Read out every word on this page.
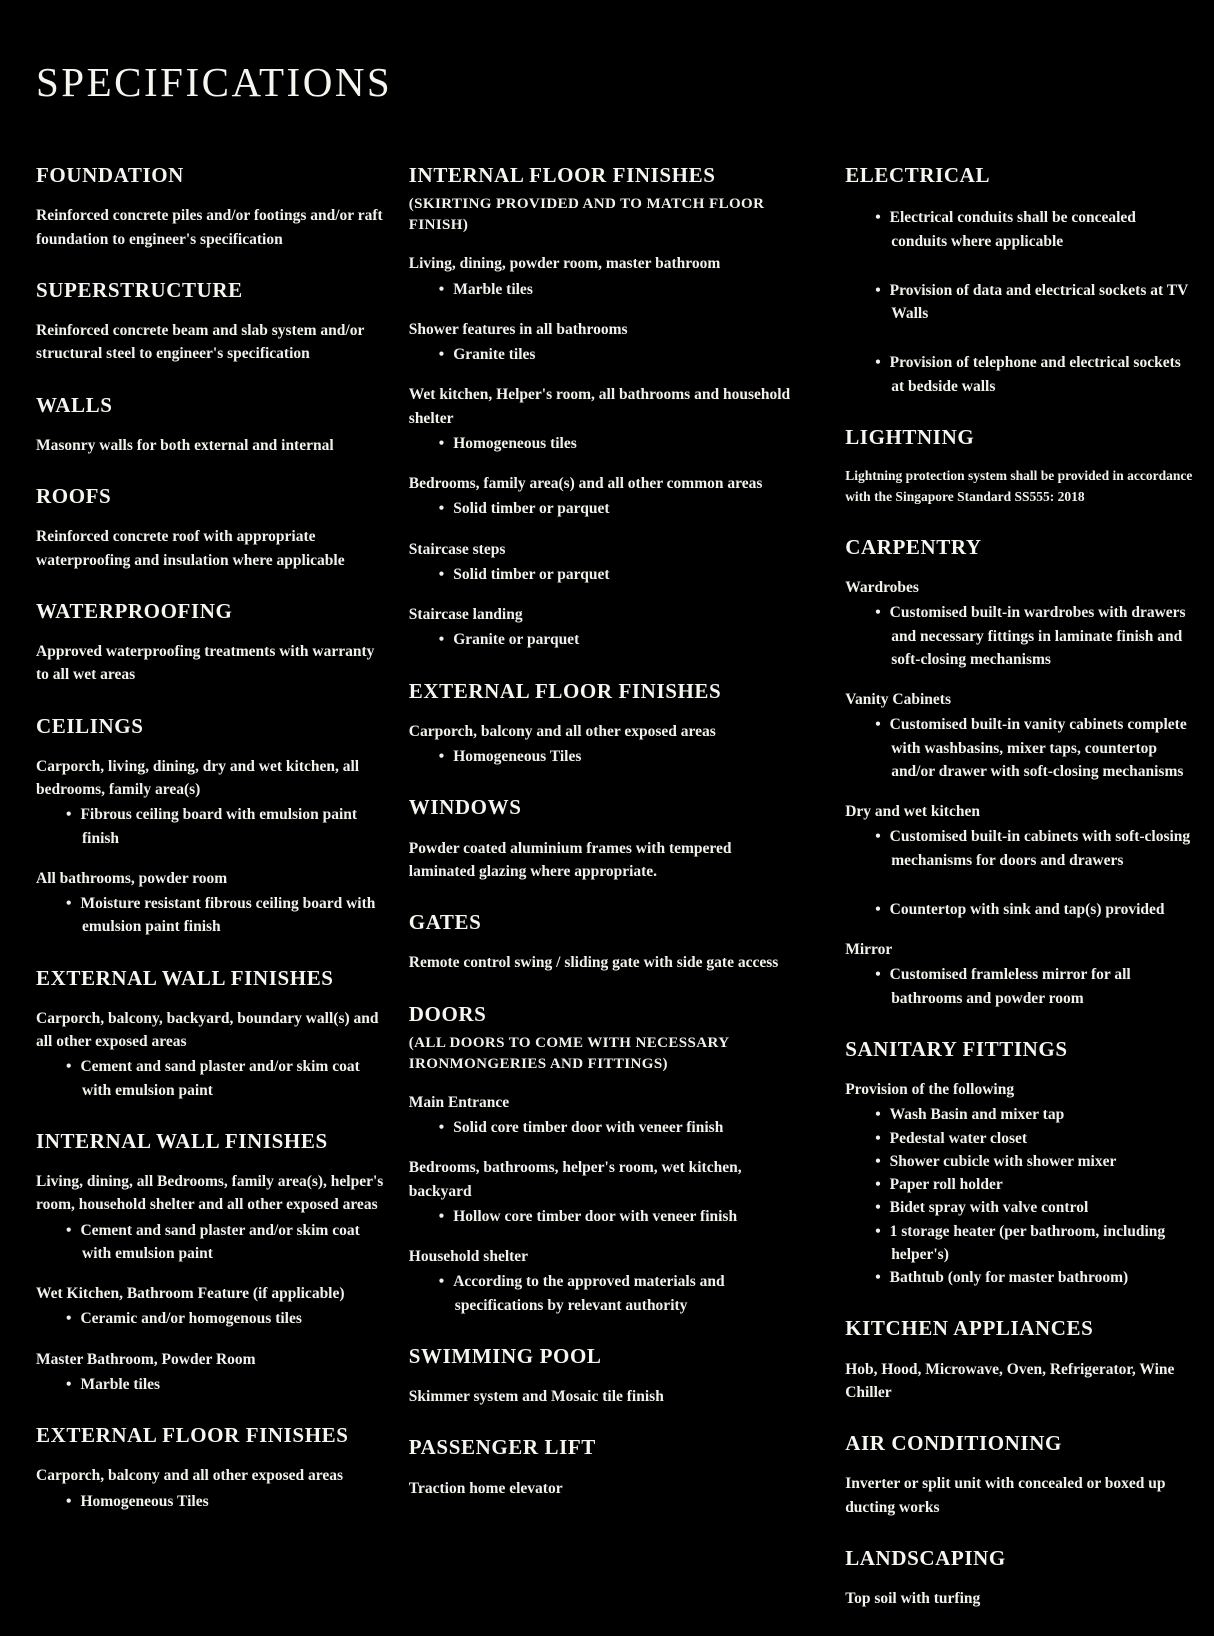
SPECIFICATIONS
FOUNDATION

Reinforced concrete piles and/or footings and/or raft foundation to engineer's specification

SUPERSTRUCTURE

Reinforced concrete beam and slab system and/or structural steel to engineer's specification

WALLS

Masonry walls for both external and internal

ROOFS

Reinforced concrete roof with appropriate waterproofing and insulation where applicable

WATERPROOFING

Approved waterproofing treatments with warranty to all wet areas

CEILINGS
Carporch, living, dining, dry and wet kitchen, all bedrooms, family area(s)
• Fibrous ceiling board with emulsion paint finish
All bathrooms, powder room
• Moisture resistant fibrous ceiling board with emulsion paint finish
EXTERNAL WALL FINISHES
Carporch, balcony, backyard, boundary wall(s) and all other exposed areas
• Cement and sand plaster and/or skim coat with emulsion paint
INTERNAL WALL FINISHES
Living, dining, all Bedrooms, family area(s), helper's room, household shelter and all other exposed areas
• Cement and sand plaster and/or skim coat with emulsion paint
Wet Kitchen, Bathroom Feature (if applicable)
• Ceramic and/or homogenous tiles
Master Bathroom, Powder Room
• Marble tiles
EXTERNAL FLOOR FINISHES
Carporch, balcony and all other exposed areas
• Homogeneous Tiles
INTERNAL FLOOR FINISHES
(SKIRTING PROVIDED AND TO MATCH FLOOR FINISH)
Living, dining, powder room, master bathroom
• Marble tiles
Shower features in all bathrooms
• Granite tiles
Wet kitchen, Helper's room, all bathrooms and household shelter
• Homogeneous tiles
Bedrooms, family area(s) and all other common areas
• Solid timber or parquet
Staircase steps
• Solid timber or parquet
Staircase landing
• Granite or parquet
EXTERNAL FLOOR FINISHES
Carporch, balcony and all other exposed areas
• Homogeneous Tiles
WINDOWS

Powder coated aluminium frames with tempered laminated glazing where appropriate.

GATES

Remote control swing / sliding gate with side gate access

DOORS
(ALL DOORS TO COME WITH NECESSARY IRONMONGERIES AND FITTINGS)
Main Entrance
• Solid core timber door with veneer finish
Bedrooms, bathrooms, helper's room, wet kitchen, backyard
• Hollow core timber door with veneer finish
Household shelter
• According to the approved materials and specifications by relevant authority
SWIMMING POOL

Skimmer system and Mosaic tile finish

PASSENGER LIFT

Traction home elevator

ELECTRICAL
• Electrical conduits shall be concealed conduits where applicable
• Provision of data and electrical sockets at TV Walls
• Provision of telephone and electrical sockets at bedside walls
LIGHTNING

Lightning protection system shall be provided in accordance with the Singapore Standard SS555: 2018

CARPENTRY
Wardrobes
• Customised built-in wardrobes with drawers and necessary fittings in laminate finish and soft-closing mechanisms
Vanity Cabinets
• Customised built-in vanity cabinets complete with washbasins, mixer taps, countertop and/or drawer with soft-closing mechanisms
Dry and wet kitchen
• Customised built-in cabinets with soft-closing mechanisms for doors and drawers
• Countertop with sink and tap(s) provided
Mirror
• Customised framleless mirror for all bathrooms and powder room
SANITARY FITTINGS
Provision of the following
• Wash Basin and mixer tap
• Pedestal water closet
• Shower cubicle with shower mixer
• Paper roll holder
• Bidet spray with valve control
• 1 storage heater (per bathroom, including helper's)
• Bathtub (only for master bathroom)
KITCHEN APPLIANCES

Hob, Hood, Microwave, Oven, Refrigerator, Wine Chiller

AIR CONDITIONING

Inverter or split unit with concealed or boxed up ducting works

LANDSCAPING

Top soil with turfing
